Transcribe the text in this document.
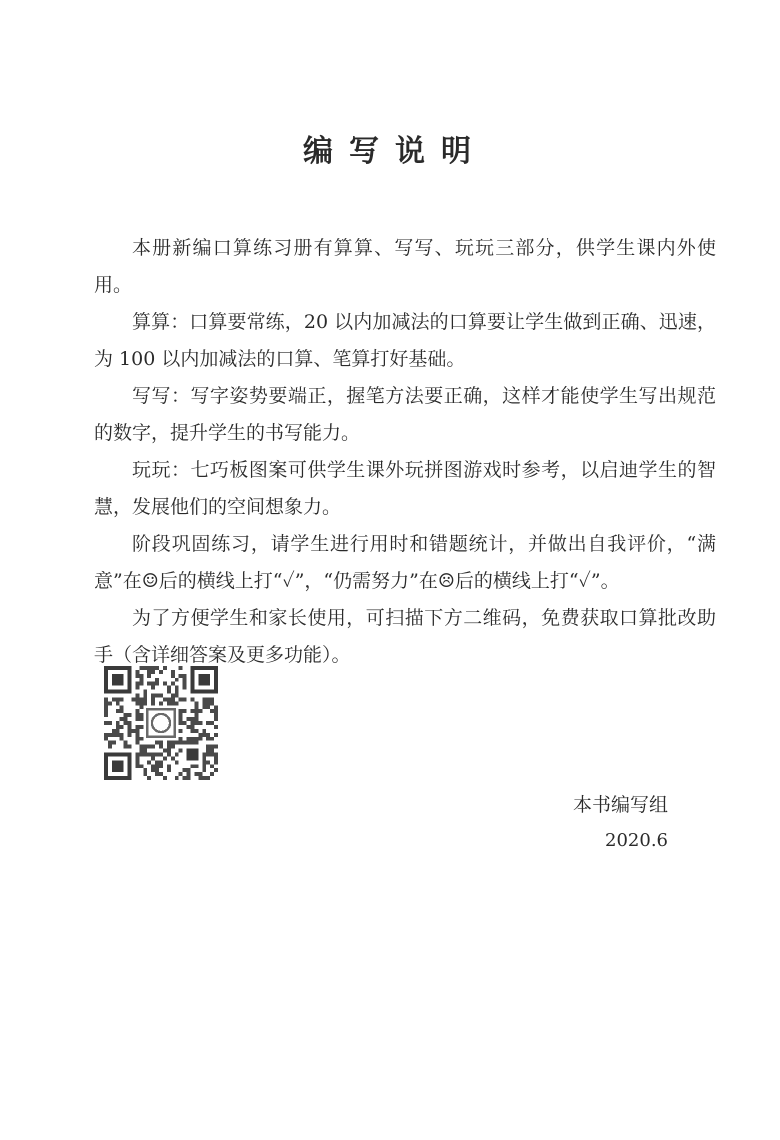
编写说明

本册新编口算练习册有算算、写写、玩玩三部分，供学生课内外使用。

算算：口算要常练，20 以内加减法的口算要让学生做到正确、迅速，为 100 以内加减法的口算、笔算打好基础。

写写：写字姿势要端正，握笔方法要正确，这样才能使学生写出规范的数字，提升学生的书写能力。

玩玩：七巧板图案可供学生课外玩拼图游戏时参考，以启迪学生的智慧，发展他们的空间想象力。

阶段巩固练习，请学生进行用时和错题统计，并做出自我评价，“满意”在☺后的横线上打“✓”，“仍需努力”在☹后的横线上打“✓”。

为了方便学生和家长使用，可扫描下方二维码，免费获取口算批改助手（含详细答案及更多功能）。

本书编写组
2020.6
